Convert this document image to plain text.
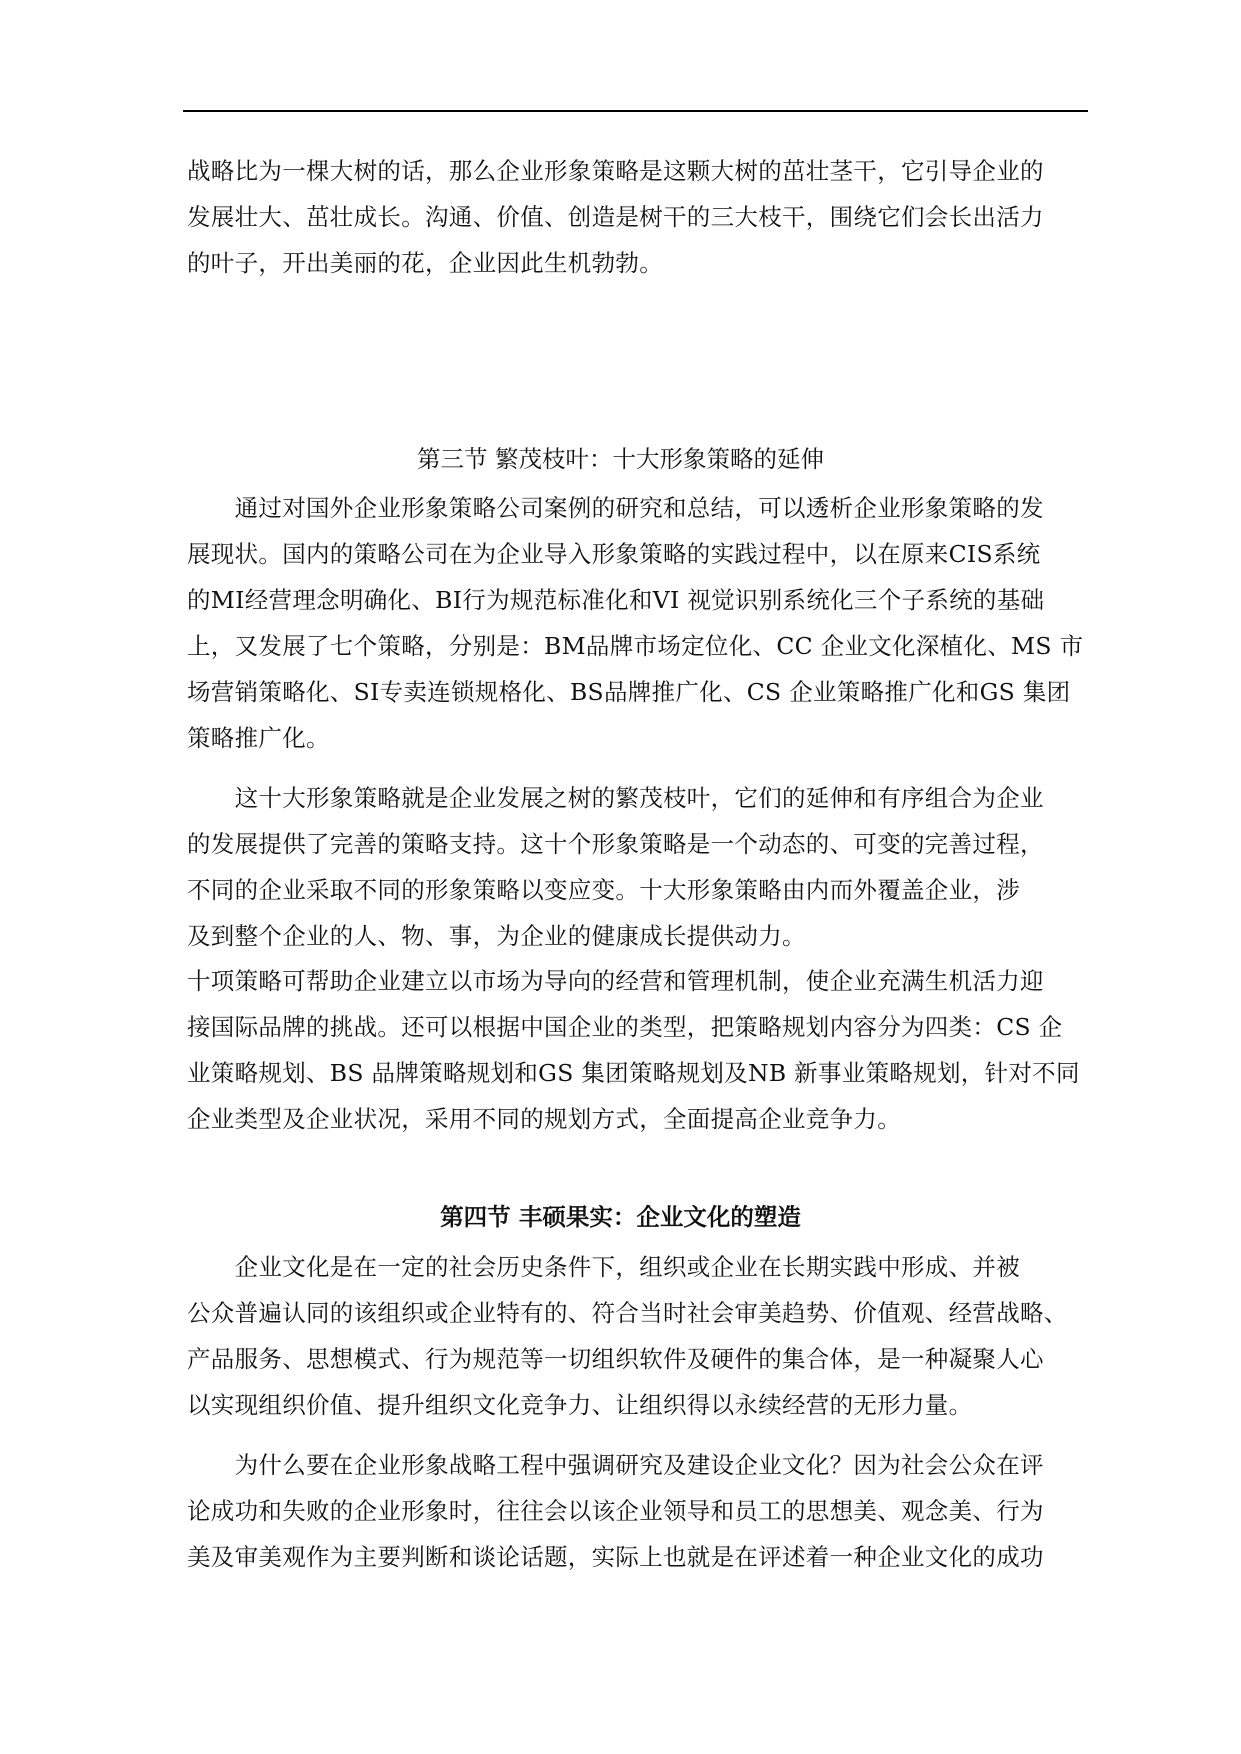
战略比为一棵大树的话，那么企业形象策略是这颗大树的茁壮茎干，它引导企业的
发展壮大、茁壮成长。沟通、价值、创造是树干的三大枝干，围绕它们会长出活力
的叶子，开出美丽的花，企业因此生机勃勃。
第三节 繁茂枝叶：十大形象策略的延伸
　　通过对国外企业形象策略公司案例的研究和总结，可以透析企业形象策略的发
展现状。国内的策略公司在为企业导入形象策略的实践过程中，以在原来CIS系统
的MI经营理念明确化、BI行为规范标准化和VI 视觉识别系统化三个子系统的基础
上，又发展了七个策略，分别是：BM品牌市场定位化、CC 企业文化深植化、MS 市
场营销策略化、SI专卖连锁规格化、BS品牌推广化、CS 企业策略推广化和GS 集团
策略推广化。
　　这十大形象策略就是企业发展之树的繁茂枝叶，它们的延伸和有序组合为企业
的发展提供了完善的策略支持。这十个形象策略是一个动态的、可变的完善过程，
不同的企业采取不同的形象策略以变应变。十大形象策略由内而外覆盖企业，涉
及到整个企业的人、物、事，为企业的健康成长提供动力。
十项策略可帮助企业建立以市场为导向的经营和管理机制，使企业充满生机活力迎
接国际品牌的挑战。还可以根据中国企业的类型，把策略规划内容分为四类：CS 企
业策略规划、BS 品牌策略规划和GS 集团策略规划及NB 新事业策略规划，针对不同
企业类型及企业状况，采用不同的规划方式，全面提高企业竞争力。
第四节 丰硕果实：企业文化的塑造
　　企业文化是在一定的社会历史条件下，组织或企业在长期实践中形成、并被
公众普遍认同的该组织或企业特有的、符合当时社会审美趋势、价值观、经营战略、
产品服务、思想模式、行为规范等一切组织软件及硬件的集合体，是一种凝聚人心
以实现组织价值、提升组织文化竞争力、让组织得以永续经营的无形力量。
　　为什么要在企业形象战略工程中强调研究及建设企业文化？因为社会公众在评
论成功和失败的企业形象时，往往会以该企业领导和员工的思想美、观念美、行为
美及审美观作为主要判断和谈论话题，实际上也就是在评述着一种企业文化的成功
